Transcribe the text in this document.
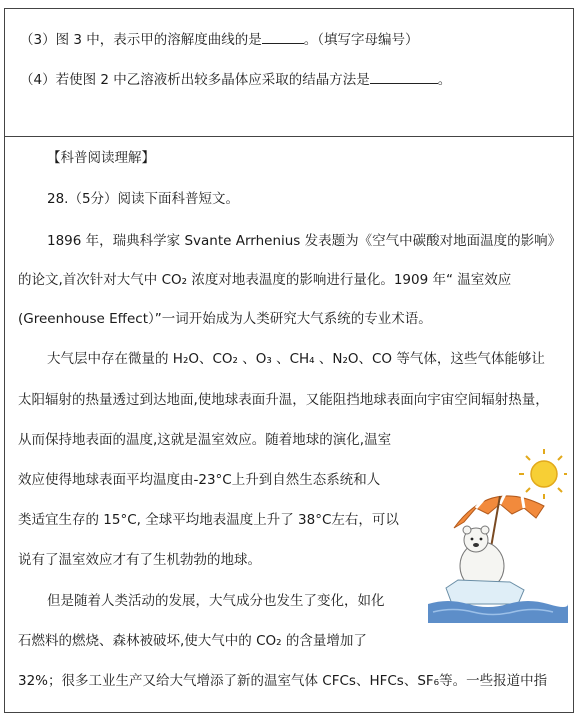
（3）图 3 中，表示甲的溶解度曲线的是	。（填写字母编号）
（4）若使图 2 中乙溶液析出较多晶体应采取的结晶方法是	。
【科普阅读理解】
28.（5分）阅读下面科普短文。
1896 年，瑞典科学家 Svante Arrhenius 发表题为《空气中碳酸对地面温度的影响》
的论文,首次针对大气中 CO₂ 浓度对地表温度的影响进行量化。1909 年“ 温室效应
(Greenhouse Effect）”一词开始成为人类研究大气系统的专业术语。
大气层中存在微量的 H₂O、CO₂ 、O₃ 、CH₄ 、N₂O、CO 等气体，这些气体能够让
太阳辐射的热量透过到达地面,使地球表面升温，又能阻挡地球表面向宇宙空间辐射热量，
从而保持地表面的温度,这就是温室效应。随着地球的演化,温室
效应使得地球表面平均温度由-23°C上升到自然生态系统和人
类适宜生存的 15°C, 全球平均地表温度上升了 38°C左右，可以
说有了温室效应才有了生机勃勃的地球。
但是随着人类活动的发展，大气成分也发生了变化，如化
石燃料的燃烧、森林被破坏,使大气中的 CO₂ 的含量增加了
32%；很多工业生产又给大气增添了新的温室气体 CFCs、HFCs、SF₆等。一些报道中指
